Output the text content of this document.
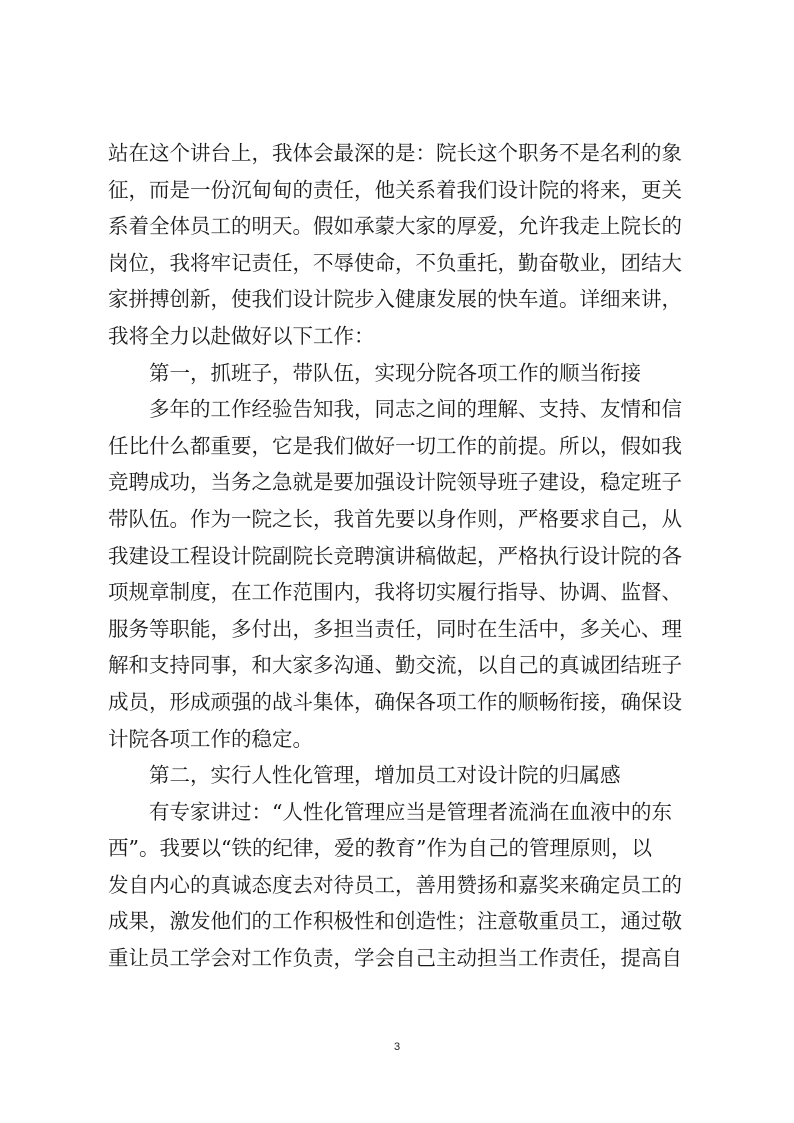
站在这个讲台上，我体会最深的是：院长这个职务不是名利的象
征，而是一份沉甸甸的责任，他关系着我们设计院的将来，更关
系着全体员工的明天。假如承蒙大家的厚爱，允许我走上院长的
岗位，我将牢记责任，不辱使命，不负重托，勤奋敬业，团结大
家拼搏创新，使我们设计院步入健康发展的快车道。详细来讲，
我将全力以赴做好以下工作：
第一，抓班子，带队伍，实现分院各项工作的顺当衔接
多年的工作经验告知我，同志之间的理解、支持、友情和信
任比什么都重要，它是我们做好一切工作的前提。所以，假如我
竞聘成功，当务之急就是要加强设计院领导班子建设，稳定班子
带队伍。作为一院之长，我首先要以身作则，严格要求自己，从
我建设工程设计院副院长竞聘演讲稿做起，严格执行设计院的各
项规章制度，在工作范围内，我将切实履行指导、协调、监督、
服务等职能，多付出，多担当责任，同时在生活中，多关心、理
解和支持同事，和大家多沟通、勤交流，以自己的真诚团结班子
成员，形成顽强的战斗集体，确保各项工作的顺畅衔接，确保设
计院各项工作的稳定。
第二，实行人性化管理，增加员工对设计院的归属感
有专家讲过：“人性化管理应当是管理者流淌在血液中的东
西”。我要以“铁的纪律，爱的教育”作为自己的管理原则，以
发自内心的真诚态度去对待员工，善用赞扬和嘉奖来确定员工的
成果，激发他们的工作积极性和创造性；注意敬重员工，通过敬
重让员工学会对工作负责，学会自己主动担当工作责任，提高自
3
